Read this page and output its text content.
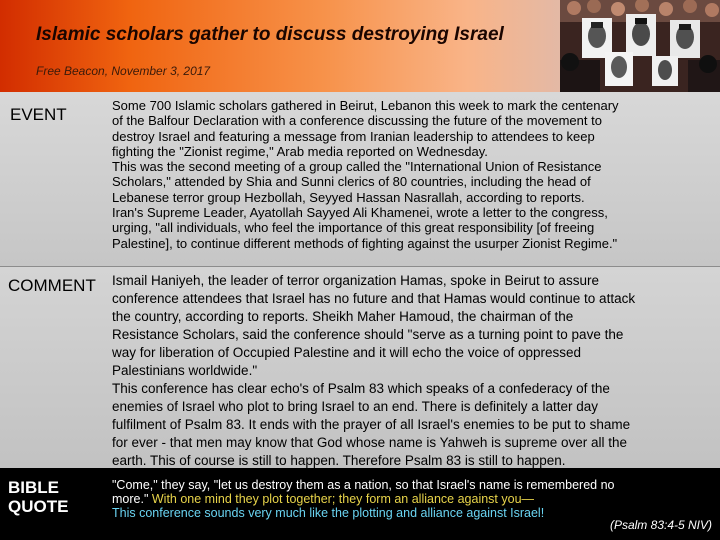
Islamic scholars gather to discuss destroying Israel
Free Beacon, November 3, 2017
EVENT	Some 700 Islamic scholars gathered in Beirut, Lebanon this week to mark the centenary
of the Balfour Declaration with a conference discussing the future of the movement to
destroy Israel and featuring a message from Iranian leadership to attendees to keep
fighting the "Zionist regime," Arab media reported on Wednesday.
This was the second meeting of a group called the "International Union of Resistance
Scholars," attended by Shia and Sunni clerics of 80 countries, including the head of
Lebanese terror group Hezbollah, Seyyed Hassan Nasrallah, according to reports.
Iran's Supreme Leader, Ayatollah Sayyed Ali Khamenei, wrote a letter to the congress,
urging, "all individuals, who feel the importance of this great responsibility [of freeing
Palestine], to continue different methods of fighting against the usurper Zionist Regime."
COMMENT Ismail Haniyeh, the leader of terror organization Hamas, spoke in Beirut to assure
conference attendees that Israel has no future and that Hamas would continue to attack
the country, according to reports. Sheikh Maher Hamoud, the chairman of the
Resistance Scholars, said the conference should "serve as a turning point to pave the
way for liberation of Occupied Palestine and it will echo the voice of oppressed
Palestinians worldwide."
This conference has clear echo's of Psalm 83 which speaks of a confederacy of the
enemies of Israel who plot to bring Israel to an end. There is definitely a latter day
fulfilment of Psalm 83. It ends with the prayer of all Israel's enemies to be put to shame
for ever - that men may know that God whose name is Yahweh is supreme over all the
earth. This of course is still to happen. Therefore Psalm 83 is still to happen.
BIBLE
QUOTE
"Come," they say, "let us destroy them as a nation, so that Israel's name is remembered no
more." With one mind they plot together; they form an alliance against you—
This conference sounds very much like the plotting and alliance against Israel!
(Psalm 83:4-5 NIV)
